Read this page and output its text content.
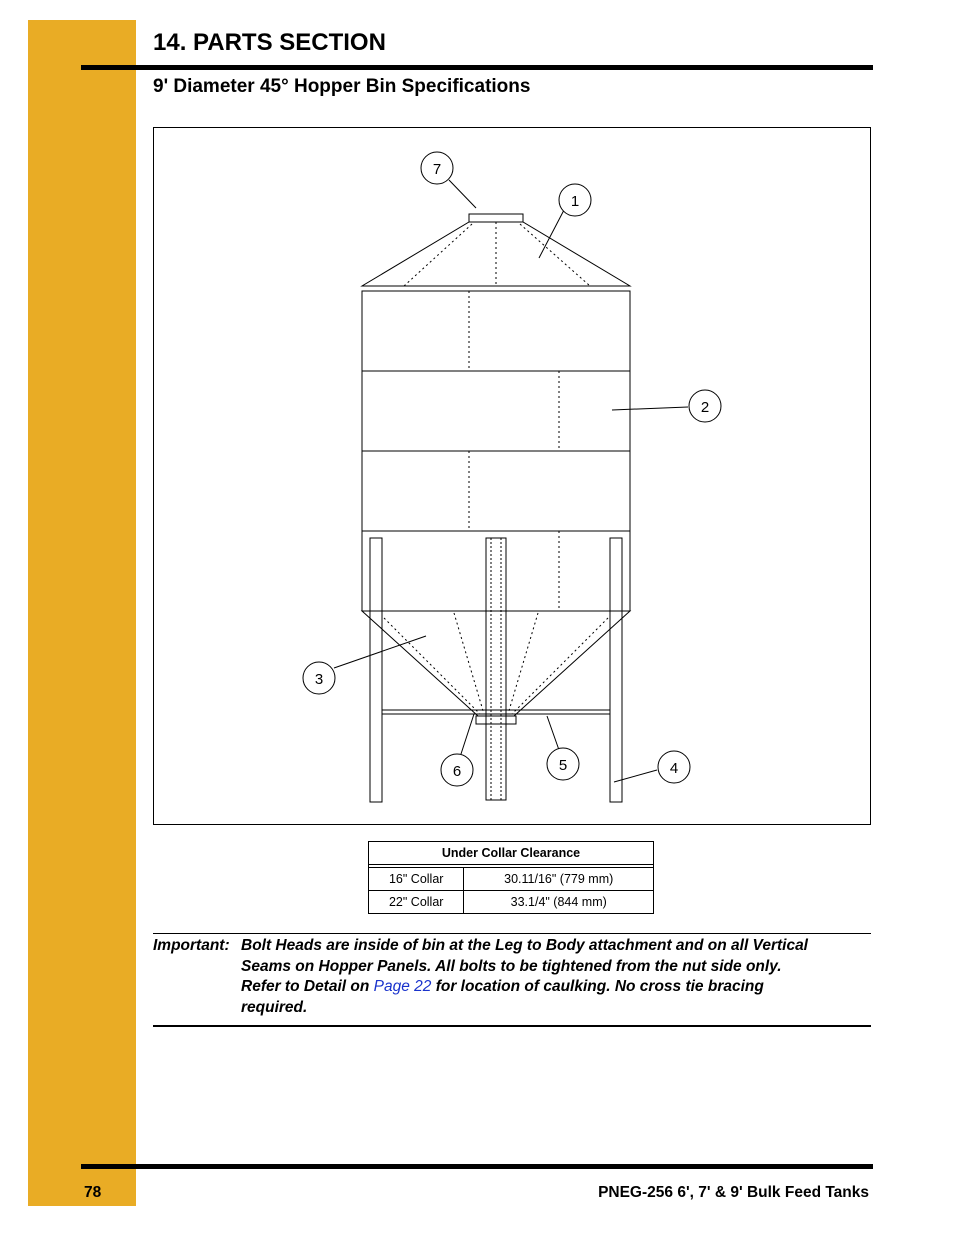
14. PARTS SECTION
9' Diameter 45° Hopper Bin Specifications
7
1
2
3
6	5	4
Under Collar Clearance	

16" Collar	30.11/16" (779 mm)
22" Collar	33.1/4" (844 mm)
Important: Bolt Heads are inside of bin at the Leg to Body attachment and on all Vertical
Seams on Hopper Panels. All bolts to be tightened from the nut side only.
Refer to Detail on Page 22 for location of caulking. No cross tie bracing
required.
78	PNEG-256 6', 7' & 9' Bulk Feed Tanks
